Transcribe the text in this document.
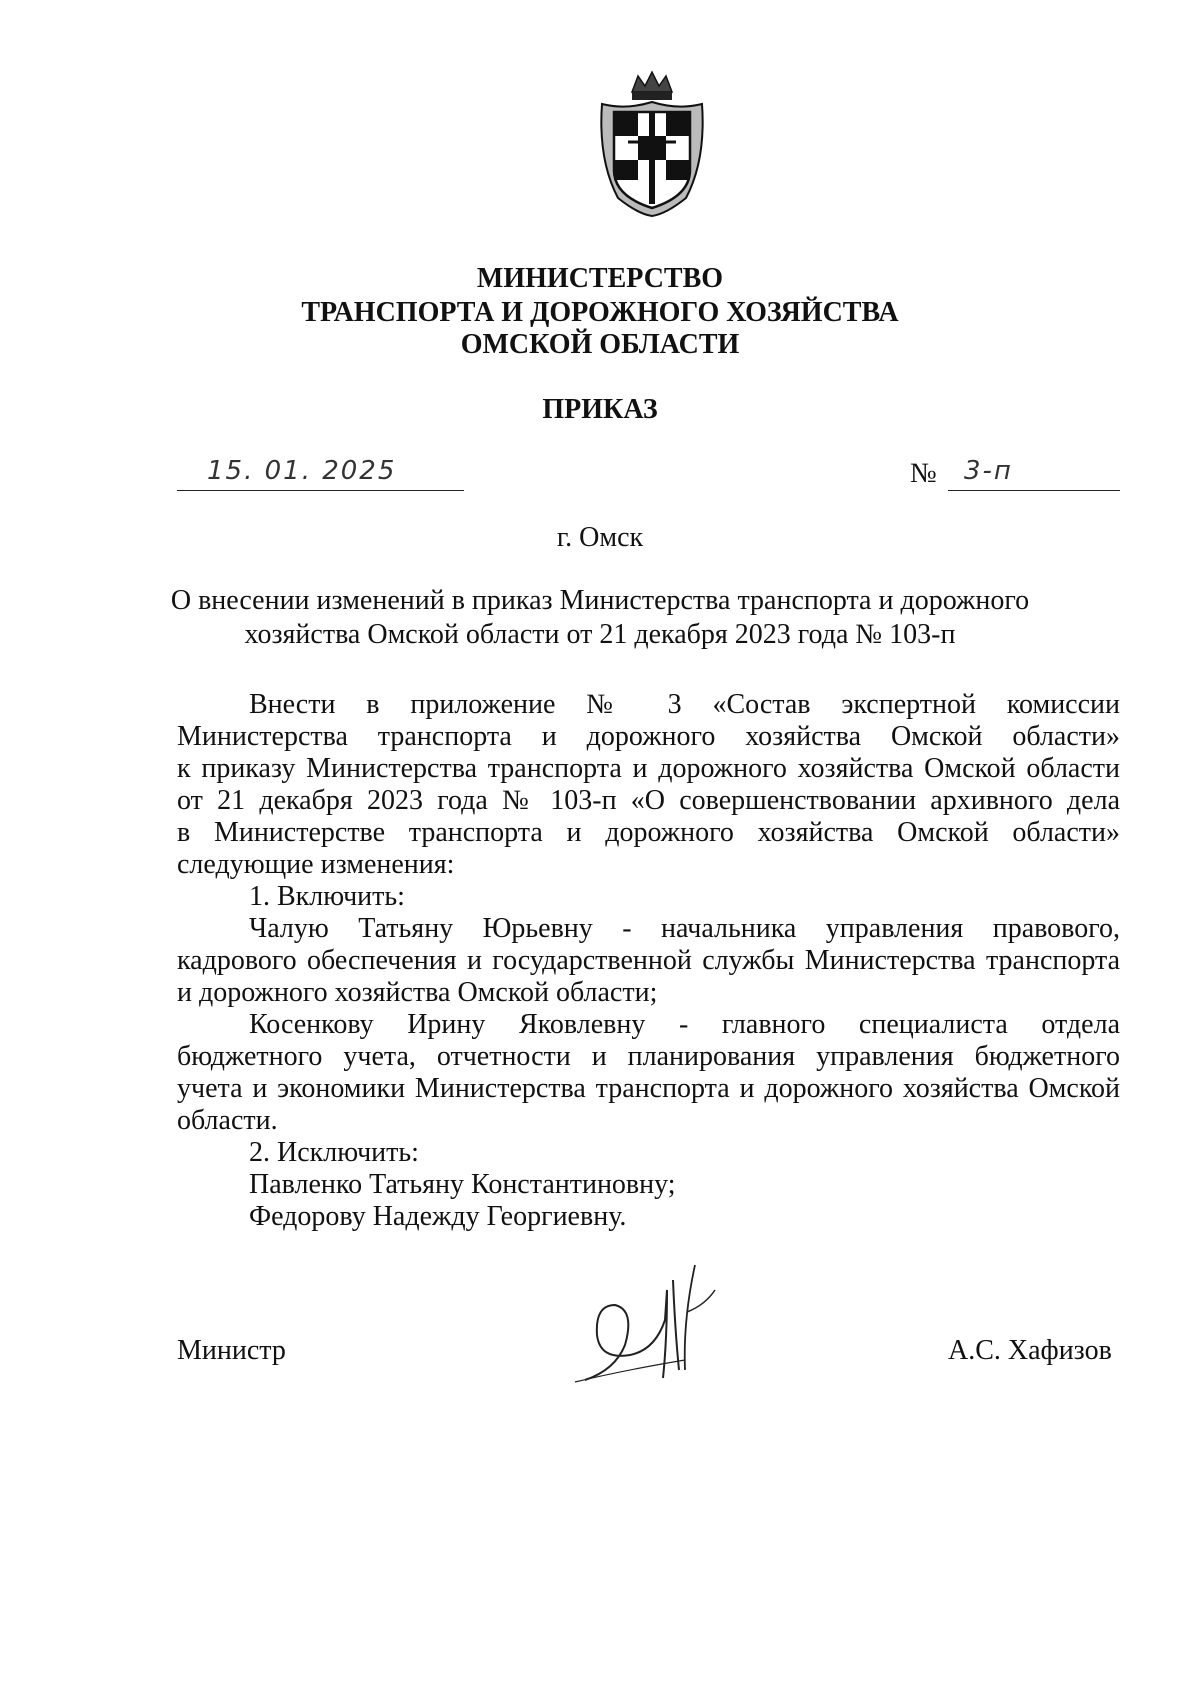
МИНИСТЕРСТВО
ТРАНСПОРТА И ДОРОЖНОГО ХОЗЯЙСТВА
ОМСКОЙ ОБЛАСТИ
ПРИКАЗ
15. 01. 2025	№ 3-п
г. Омск
О внесении изменений в приказ Министерства транспорта и дорожного
хозяйства Омской области от 21 декабря 2023 года № 103-п
Внести в приложение № 3 «Состав экспертной комиссии
Министерства транспорта и дорожного хозяйства Омской области»
к приказу Министерства транспорта и дорожного хозяйства Омской области
от 21 декабря 2023 года № 103-п «О совершенствовании архивного дела
в Министерстве транспорта и дорожного хозяйства Омской области»
следующие изменения:
1. Включить:
Чалую Татьяну Юрьевну - начальника управления правового,
кадрового обеспечения и государственной службы Министерства транспорта
и дорожного хозяйства Омской области;
Косенкову Ирину Яковлевну - главного специалиста отдела
бюджетного учета, отчетности и планирования управления бюджетного
учета и экономики Министерства транспорта и дорожного хозяйства Омской
области.
2. Исключить:
Павленко Татьяну Константиновну;
Федорову Надежду Георгиевну.
Министр	А.С. Хафизов
